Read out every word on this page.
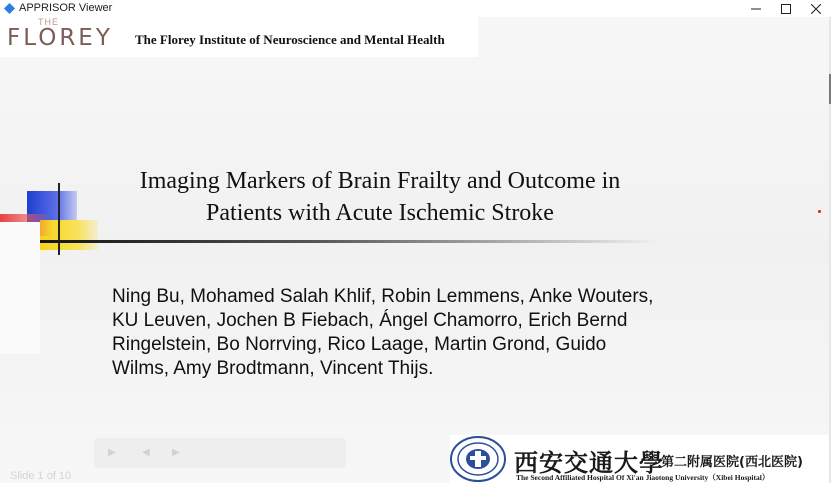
APPRISOR Viewer
THE
FLOREY The Florey Institute of Neuroscience and Mental Health
Imaging Markers of Brain Frailty and Outcome in
Patients with Acute Ischemic Stroke
Ning Bu, Mohamed Salah Khlif, Robin Lemmens, Anke Wouters,
KU Leuven, Jochen B Fiebach, Ángel Chamorro, Erich Bernd
Ringelstein, Bo Norrving, Rico Laage, Martin Grond, Guido
Wilms, Amy Brodtmann, Vincent Thijs.
▶	◀ ▶
Slide 1 of 10	西安交通大學
第二附属医院(西北医院)
The Second Affiliated Hospital Of Xi'an Jiaotong University（Xibei Hospital）
